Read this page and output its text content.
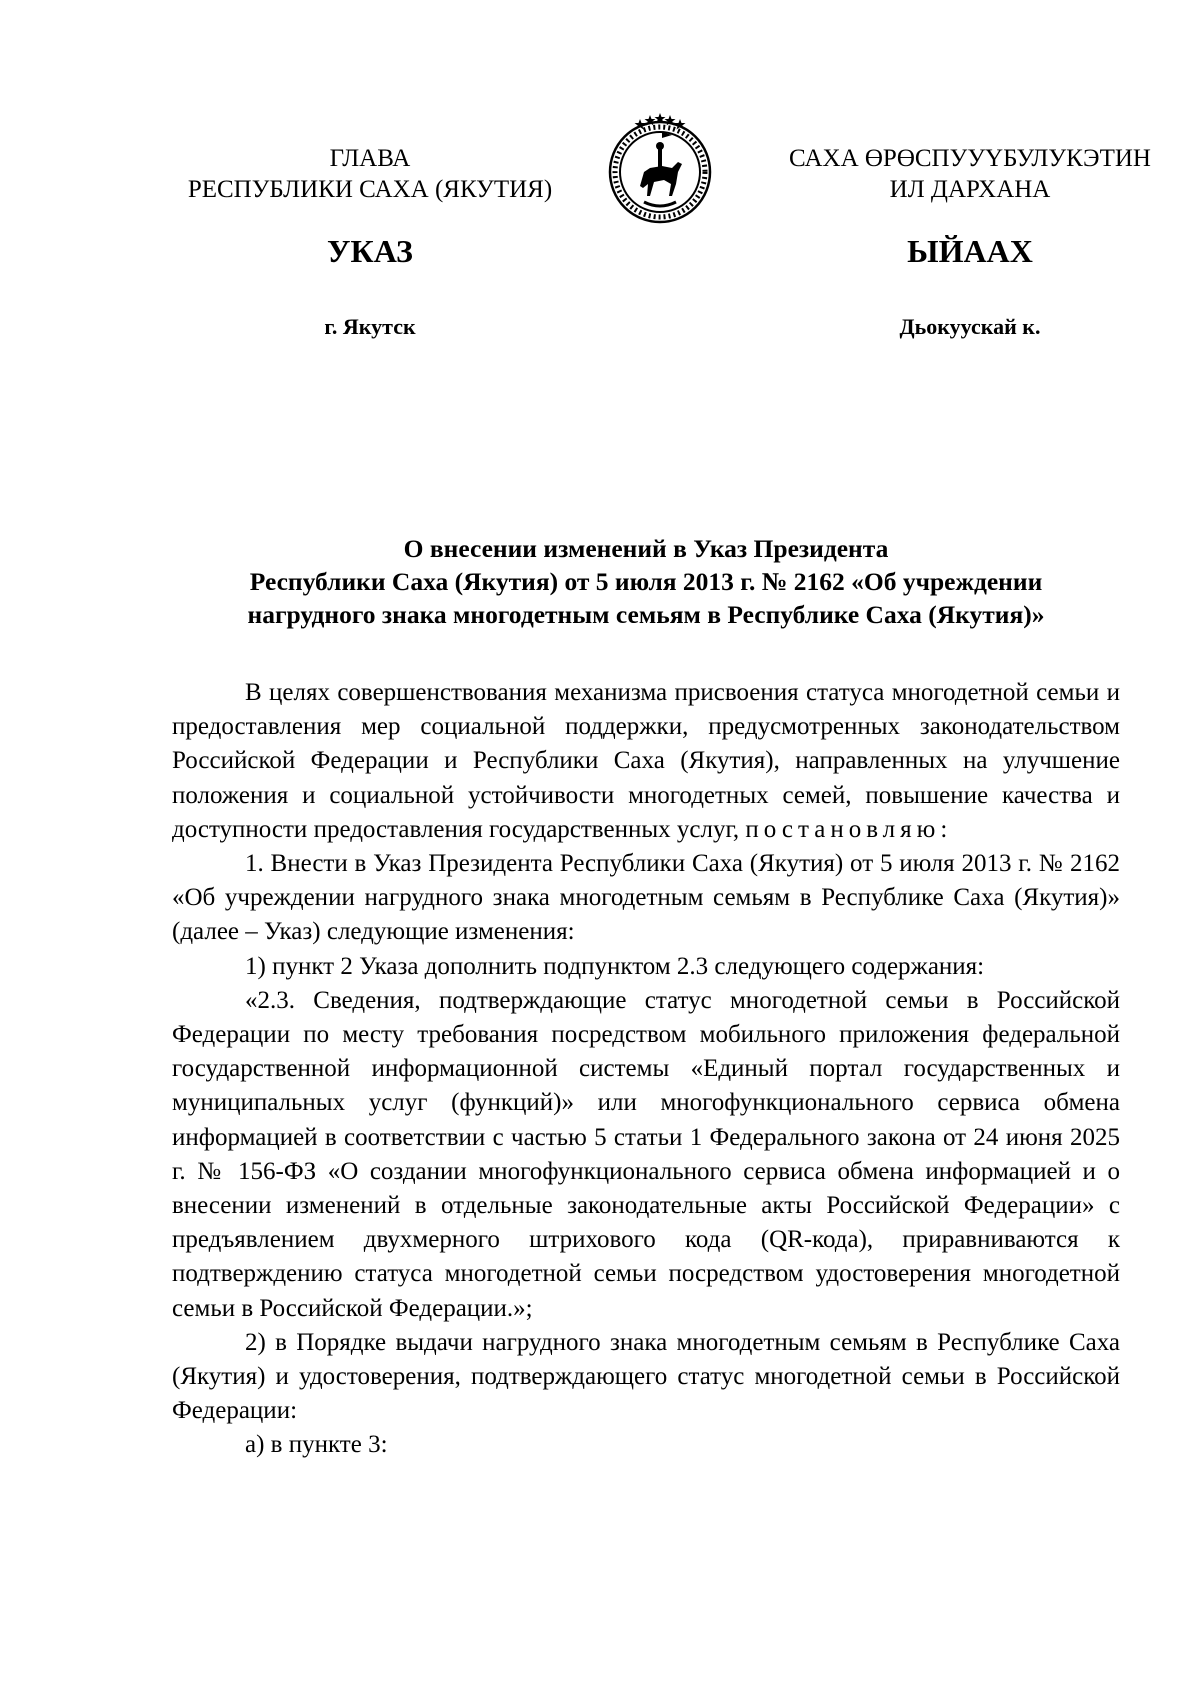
ГЛАВА
РЕСПУБЛИКИ САХА (ЯКУТИЯ)
САХА ӨРӨСПУУҮБУЛУКЭТИН
ИЛ ДАРХАНА
УКАЗ	ЫЙААХ
г. Якутск	Дьокуускай к.
О внесении изменений в Указ Президента
Республики Саха (Якутия) от 5 июля 2013 г. № 2162 «Об учреждении
нагрудного знака многодетным семьям в Республике Саха (Якутия)»

В целях совершенствования механизма присвоения статуса многодетной семьи и предоставления мер социальной поддержки, предусмотренных законодательством Российской Федерации и Республики Саха (Якутия), направленных на улучшение положения и социальной устойчивости многодетных семей, повышение качества и доступности предоставления государственных услуг, постановляю:

1. Внести в Указ Президента Республики Саха (Якутия) от 5 июля 2013 г. № 2162 «Об учреждении нагрудного знака многодетным семьям в Республике Саха (Якутия)» (далее – Указ) следующие изменения:

1) пункт 2 Указа дополнить подпунктом 2.3 следующего содержания:

«2.3. Сведения, подтверждающие статус многодетной семьи в Российской Федерации по месту требования посредством мобильного приложения федеральной государственной информационной системы «Единый портал государственных и муниципальных услуг (функций)» или многофункционального сервиса обмена информацией в соответствии с частью 5 статьи 1 Федерального закона от 24 июня 2025 г. № 156-ФЗ «О создании многофункционального сервиса обмена информацией и о внесении изменений в отдельные законодательные акты Российской Федерации» с предъявлением двухмерного штрихового кода (QR-кода), приравниваются к подтверждению статуса многодетной семьи посредством удостоверения многодетной семьи в Российской Федерации.»;

2) в Порядке выдачи нагрудного знака многодетным семьям в Республике Саха (Якутия) и удостоверения, подтверждающего статус многодетной семьи в Российской Федерации:

а) в пункте 3:
